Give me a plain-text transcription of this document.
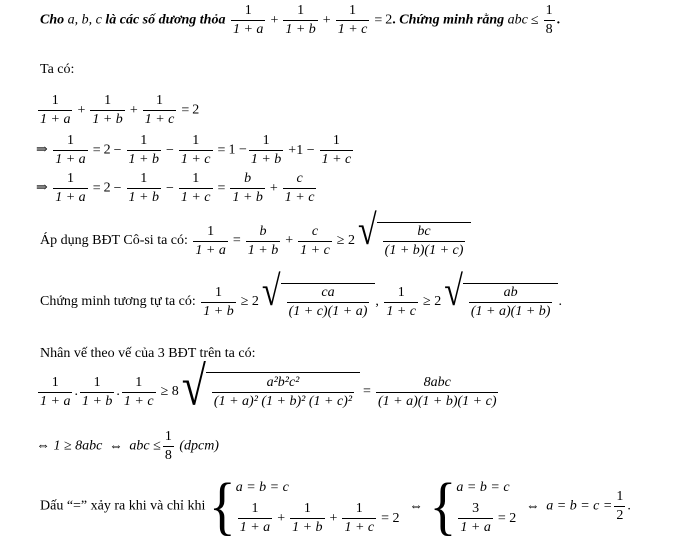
Cho a, b, c là các số dương thỏa $\frac{1}{1 + a} + \frac{1}{1 + b} + \frac{1}{1 + c} = 2$. Chứng minh rằng abc ≤ $\frac{1}{8}$ .
Ta có:
$\frac{1}{1 + a} + \frac{1}{1 + b} + \frac{1}{1 + c} = 2$
⇒ $\frac{1}{1 + a} = 2 - \frac{1}{1 + b} - \frac{1}{1 + c} = 1 - \frac{1}{1 + b} +1 - \frac{1}{1 + c}$
⇒ $\frac{1}{1 + a} = 2 - \frac{1}{1 + b} - \frac{1}{1 + c} = \frac{b}{1 + b} + \frac{c}{1 + c}$
Áp dụng BĐT Cô-si ta có: $\frac{1}{1 + a} = \frac{b}{1 + b} + \frac{c}{1 + c} \ge 2$ √ $\frac{bc}{(1 + b)(1 + c)}$
Chứng minh tương tự ta có: $\frac{1}{1 + b} \ge 2$ √ $\frac{ca}{(1 + c)(1 + a)}$ , $\frac{1}{1 + c} \ge 2$ √ $\frac{ab}{(1 + a)(1 + b)}$ .
Nhân vế theo vế của 3 BĐT trên ta có:
$\frac{1}{1 + a}$ . $\frac{1}{1 + b}$ . $\frac{1}{1 + c} \ge 8$ √ $\frac{\text{a²b²c²}}{\text{(1 + a)² (1 + b)² (1 + c)²}} = \frac{\text{8abc}}{(1 + a)(1 + b)(1 + c)}$
⇔ 1 ≥ 8abc ⇔ abc ≤ $\frac{1}{8}$ (dpcm)
Dấu “=” xảy ra khi và chỉ khi { a = b = c
$\frac{1}{1 + a} + \frac{1}{1 + b} + \frac{1}{1 + c} = 2$
⇔ { a = b = c
$\frac{3}{1 + a} = 2$
⇔ $a = b = c = \frac{1}{2}$ .
